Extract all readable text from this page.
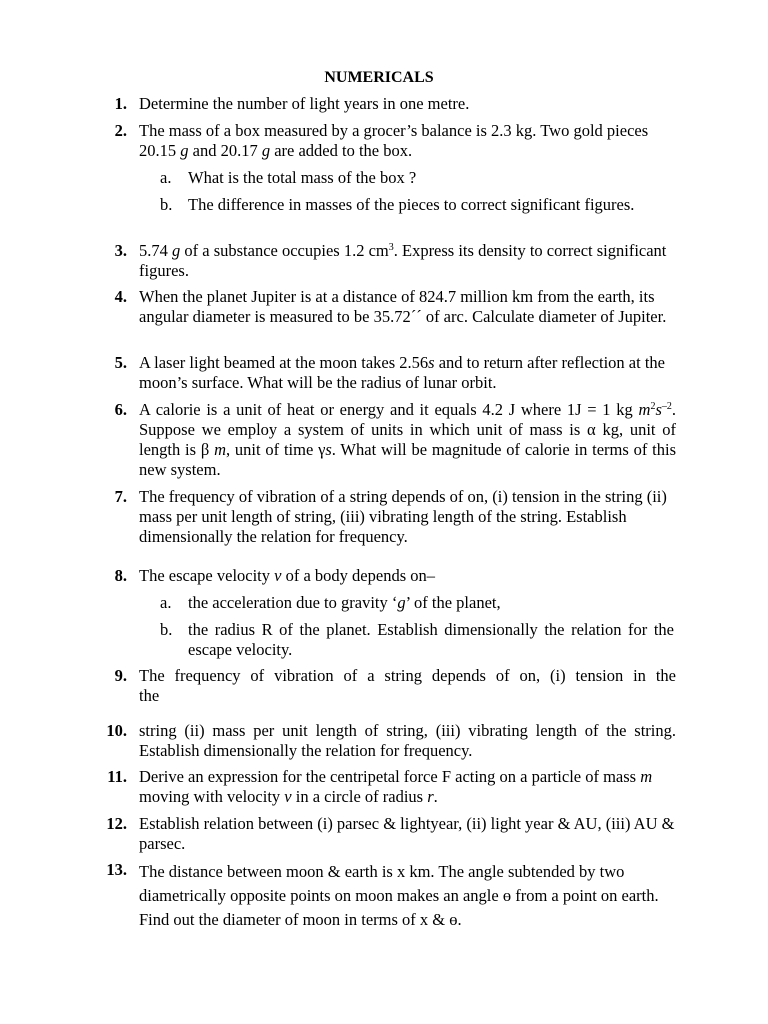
NUMERICALS
1. Determine the number of light years in one metre.
2. The mass of a box measured by a grocer’s balance is 2.3 kg. Two gold pieces 20.15 g and 20.17 g are added to the box.
a. What is the total mass of the box ?
b. The difference in masses of the pieces to correct significant figures.
3. 5.74 g of a substance occupies 1.2 $cm^3$. Express its density to correct significant figures.
4. When the planet Jupiter is at a distance of 824.7 million km from the earth, its angular diameter is measured to be 35.72´´ of arc. Calculate diameter of Jupiter.
5. A laser light beamed at the moon takes 2.56s and to return after reflection at the moon’s surface. What will be the radius of lunar orbit.
6. A calorie is a unit of heat or energy and it equals 4.2 J where 1J = 1 kg $m^2s^{-2}$. Suppose we employ a system of units in which unit of mass is α kg, unit of length is β m, unit of time γs. What will be magnitude of calorie in terms of this new system.
7. The frequency of vibration of a string depends of on, (i) tension in the string (ii) mass per unit length of string, (iii) vibrating length of the string. Establish dimensionally the relation for frequency.
8. The escape velocity v of a body depends on–
a. the acceleration due to gravity ‘g’ of the planet,
b. the radius R of the planet. Establish dimensionally the relation for the escape velocity.
9. The frequency of vibration of a string depends of on, (i) tension in the
the
10. string (ii) mass per unit length of string, (iii) vibrating length of the string. Establish dimensionally the relation for frequency.
11. Derive an expression for the centripetal force F acting on a particle of mass m moving with velocity v in a circle of radius r.
12. Establish relation between (i) parsec & lightyear, (ii) light year & AU, (iii) AU & parsec.
13. The distance between moon & earth is x km. The angle subtended by two diametrically opposite points on moon makes an angle ө from a point on earth. Find out the diameter of moon in terms of x & ө.
